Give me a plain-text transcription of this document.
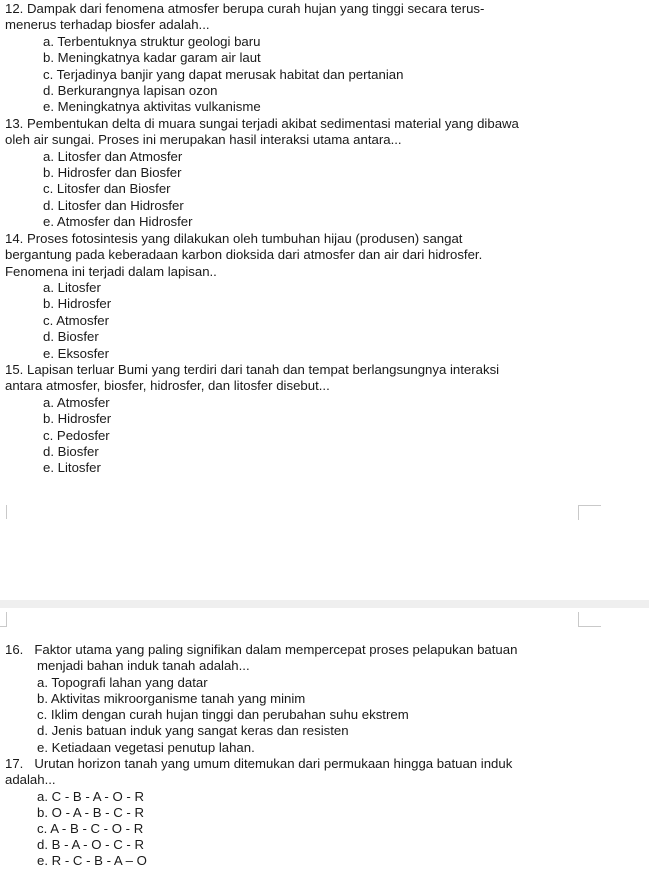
12. Dampak dari fenomena atmosfer berupa curah hujan yang tinggi secara terus-
menerus terhadap biosfer adalah...
a. Terbentuknya struktur geologi baru
b. Meningkatnya kadar garam air laut
c. Terjadinya banjir yang dapat merusak habitat dan pertanian
d. Berkurangnya lapisan ozon
e. Meningkatnya aktivitas vulkanisme
13. Pembentukan delta di muara sungai terjadi akibat sedimentasi material yang dibawa
oleh air sungai. Proses ini merupakan hasil interaksi utama antara...
a. Litosfer dan Atmosfer
b. Hidrosfer dan Biosfer
c. Litosfer dan Biosfer
d. Litosfer dan Hidrosfer
e. Atmosfer dan Hidrosfer
14. Proses fotosintesis yang dilakukan oleh tumbuhan hijau (produsen) sangat
bergantung pada keberadaan karbon dioksida dari atmosfer dan air dari hidrosfer.
Fenomena ini terjadi dalam lapisan..
a. Litosfer
b. Hidrosfer
c. Atmosfer
d. Biosfer
e. Eksosfer
15. Lapisan terluar Bumi yang terdiri dari tanah dan tempat berlangsungnya interaksi
antara atmosfer, biosfer, hidrosfer, dan litosfer disebut...
a. Atmosfer
b. Hidrosfer
c. Pedosfer
d. Biosfer
e. Litosfer
16.   Faktor utama yang paling signifikan dalam mempercepat proses pelapukan batuan
menjadi bahan induk tanah adalah...
a. Topografi lahan yang datar
b. Aktivitas mikroorganisme tanah yang minim
c. Iklim dengan curah hujan tinggi dan perubahan suhu ekstrem
d. Jenis batuan induk yang sangat keras dan resisten
e. Ketiadaan vegetasi penutup lahan.
17.   Urutan horizon tanah yang umum ditemukan dari permukaan hingga batuan induk
adalah...
a. C - B - A - O - R
b. O - A - B - C - R
c. A - B - C - O - R
d. B - A - O - C - R
e. R - C - B - A – O
